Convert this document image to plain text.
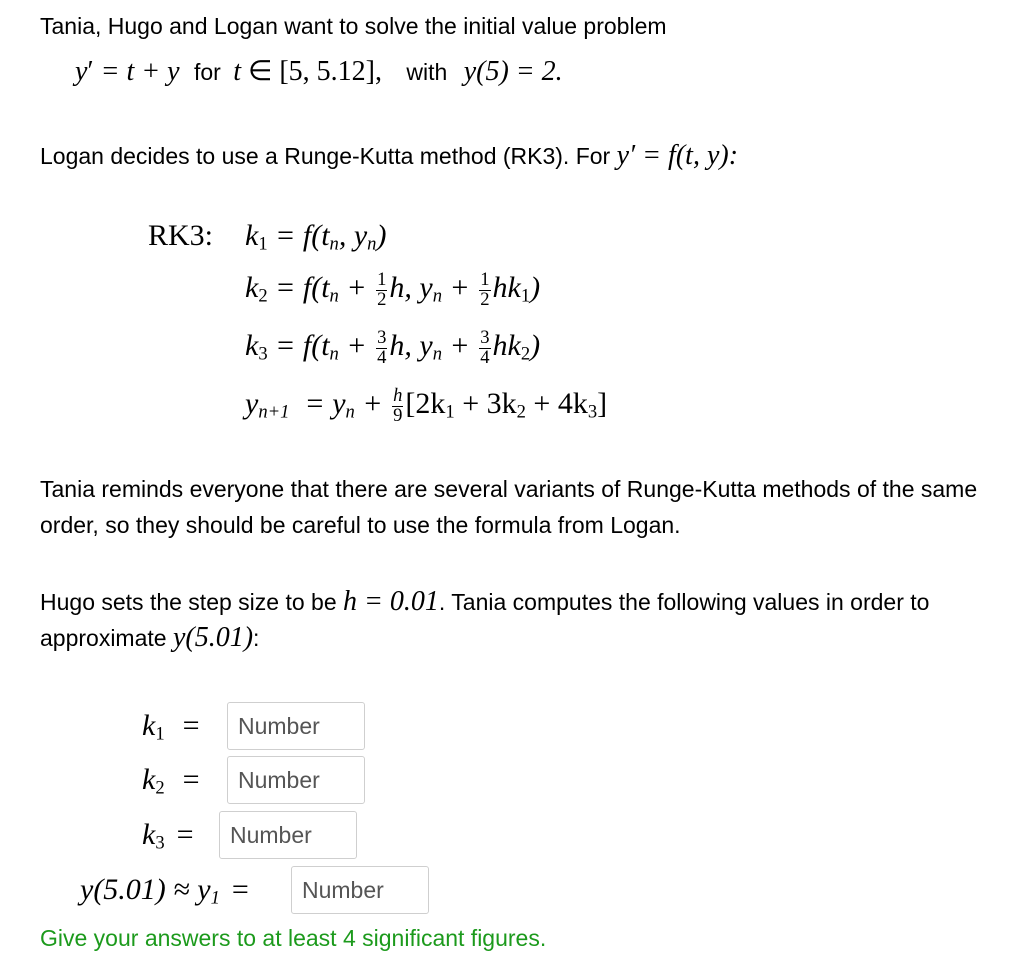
Tania, Hugo and Logan want to solve the initial value problem

y′ = t + y for t ∈ [5, 5.12], with y(5) = 2.

Logan decides to use a Runge-Kutta method (RK3). For y′ = f(t, y):

RK3: $k_1 = f(t_n$, $y_n$)
$k_2 = f(t_n + \frac{1}{2} h$, $y_n + \frac{1}{2} hk_1$)
$k_3 = f(t_n + \frac{3}{4} h$, $y_n + \frac{3}{4} hk_2$)
$y_{n+1} = y_n + \frac{h}{9} [2k_1 + 3k_2 + 4k_3]$

Tania reminds everyone that there are several variants of Runge-Kutta methods of the same order, so they should be careful to use the formula from Logan.

Hugo sets the step size to be h = 0.01. Tania computes the following values in order to approximate y(5.01):

$k_1$ =
Number
$k_2$ =
Number
$k_3$ =
Number
$y(5.01) \approx y_1$ =
Number

Give your answers to at least 4 significant figures.
